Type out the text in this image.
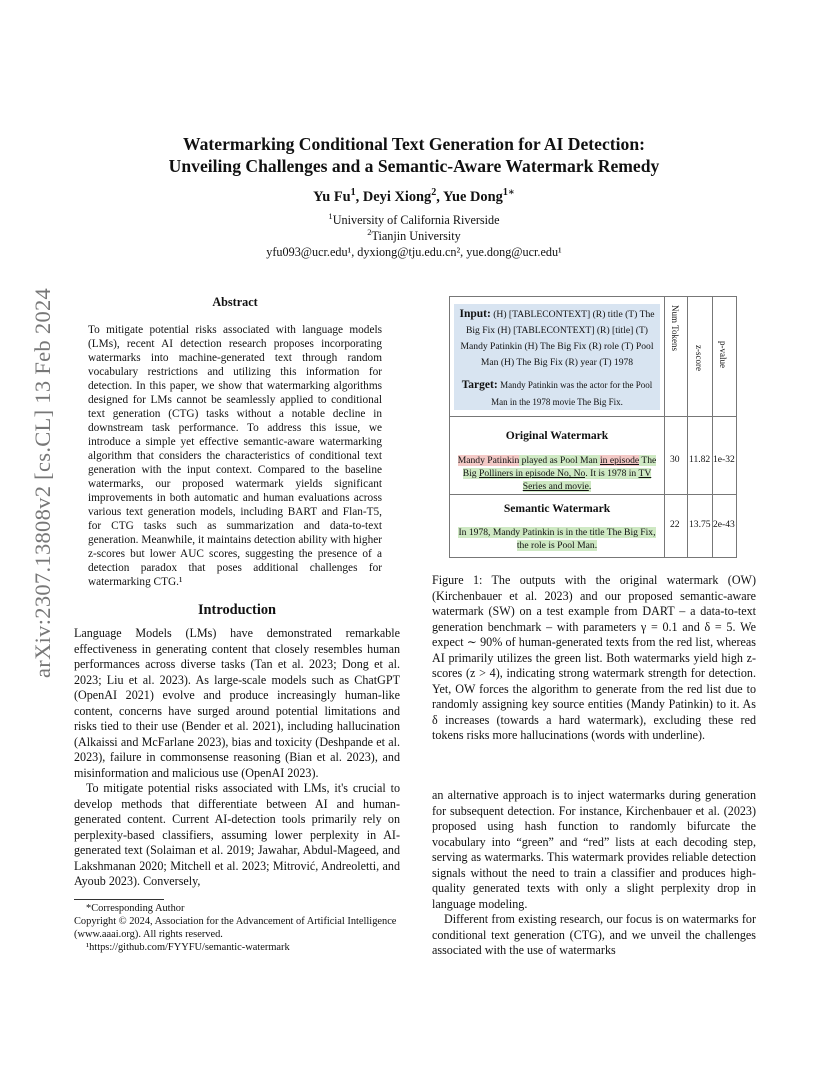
arXiv:2307.13808v2 [cs.CL] 13 Feb 2024
Watermarking Conditional Text Generation for AI Detection:
Unveiling Challenges and a Semantic-Aware Watermark Remedy
Yu Fu$^1$, Deyi Xiong$^2$, Yue Dong$^{1∗}$
$^1$University of California Riverside
$^2$Tianjin University
yfu093@ucr.edu¹, dyxiong@tju.edu.cn², yue.dong@ucr.edu¹
Abstract
To mitigate potential risks associated with language models (LMs), recent AI detection research proposes incorporating watermarks into machine-generated text through random vocabulary restrictions and utilizing this information for detection. In this paper, we show that watermarking algorithms designed for LMs cannot be seamlessly applied to conditional text generation (CTG) tasks without a notable decline in downstream task performance. To address this issue, we introduce a simple yet effective semantic-aware watermarking algorithm that considers the characteristics of conditional text generation with the input context. Compared to the baseline watermarks, our proposed watermark yields significant improvements in both automatic and human evaluations across various text generation models, including BART and Flan-T5, for CTG tasks such as summarization and data-to-text generation. Meanwhile, it maintains detection ability with higher z-scores but lower AUC scores, suggesting the presence of a detection paradox that poses additional challenges for watermarking CTG.¹
Introduction

Language Models (LMs) have demonstrated remarkable effectiveness in generating content that closely resembles human performances across diverse tasks (Tan et al. 2023; Dong et al. 2023; Liu et al. 2023). As large-scale models such as ChatGPT (OpenAI 2021) evolve and produce increasingly human-like content, concerns have surged around potential limitations and risks tied to their use (Bender et al. 2021), including hallucination (Alkaissi and McFarlane 2023), bias and toxicity (Deshpande et al. 2023), failure in commonsense reasoning (Bian et al. 2023), and misinformation and malicious use (OpenAI 2023).

To mitigate potential risks associated with LMs, it's crucial to develop methods that differentiate between AI and human-generated content. Current AI-detection tools primarily rely on perplexity-based classifiers, assuming lower perplexity in AI-generated text (Solaiman et al. 2019; Jawahar, Abdul-Mageed, and Lakshmanan 2020; Mitchell et al. 2023; Mitrović, Andreoletti, and Ayoub 2023). Conversely,

*Corresponding Author
Copyright © 2024, Association for the Advancement of Artificial Intelligence (www.aaai.org). All rights reserved.
¹https://github.com/FYYFU/semantic-watermark
Input: (H) [TABLECONTEXT] (R) title (T) The Big Fix (H) [TABLECONTEXT] (R) [title] (T) Mandy Patinkin (H) The Big Fix (R) role (T) Pool Man (H) The Big Fix (R) year (T) 1978
Target: Mandy Patinkin was the actor for the Pool Man in the 1978 movie The Big Fix.
Num Tokens
z-score p-value
Original Watermark
Mandy Patinkin played as Pool Man in episode The Big Polliners in episode No, No. It is 1978 in TV Series and movie.
30 11.82 1e-32
Semantic Watermark
In 1978, Mandy Patinkin is in the title The Big Fix, the role is Pool Man.
22 13.75 2e-43
Figure 1: The outputs with the original watermark (OW) (Kirchenbauer et al. 2023) and our proposed semantic-aware watermark (SW) on a test example from DART – a data-to-text generation benchmark – with parameters γ = 0.1 and δ = 5. We expect ∼ 90% of human-generated texts from the red list, whereas AI primarily utilizes the green list. Both watermarks yield high z-scores (z > 4), indicating strong watermark strength for detection. Yet, OW forces the algorithm to generate from the red list due to randomly assigning key source entities (Mandy Patinkin) to it. As δ increases (towards a hard watermark), excluding these red tokens risks more hallucinations (words with underline).

an alternative approach is to inject watermarks during generation for subsequent detection. For instance, Kirchenbauer et al. (2023) proposed using hash function to randomly bifurcate the vocabulary into “green” and “red” lists at each decoding step, serving as watermarks. This watermark provides reliable detection signals without the need to train a classifier and produces high-quality generated texts with only a slight perplexity drop in language modeling.

Different from existing research, our focus is on watermarks for conditional text generation (CTG), and we unveil the challenges associated with the use of watermarks
